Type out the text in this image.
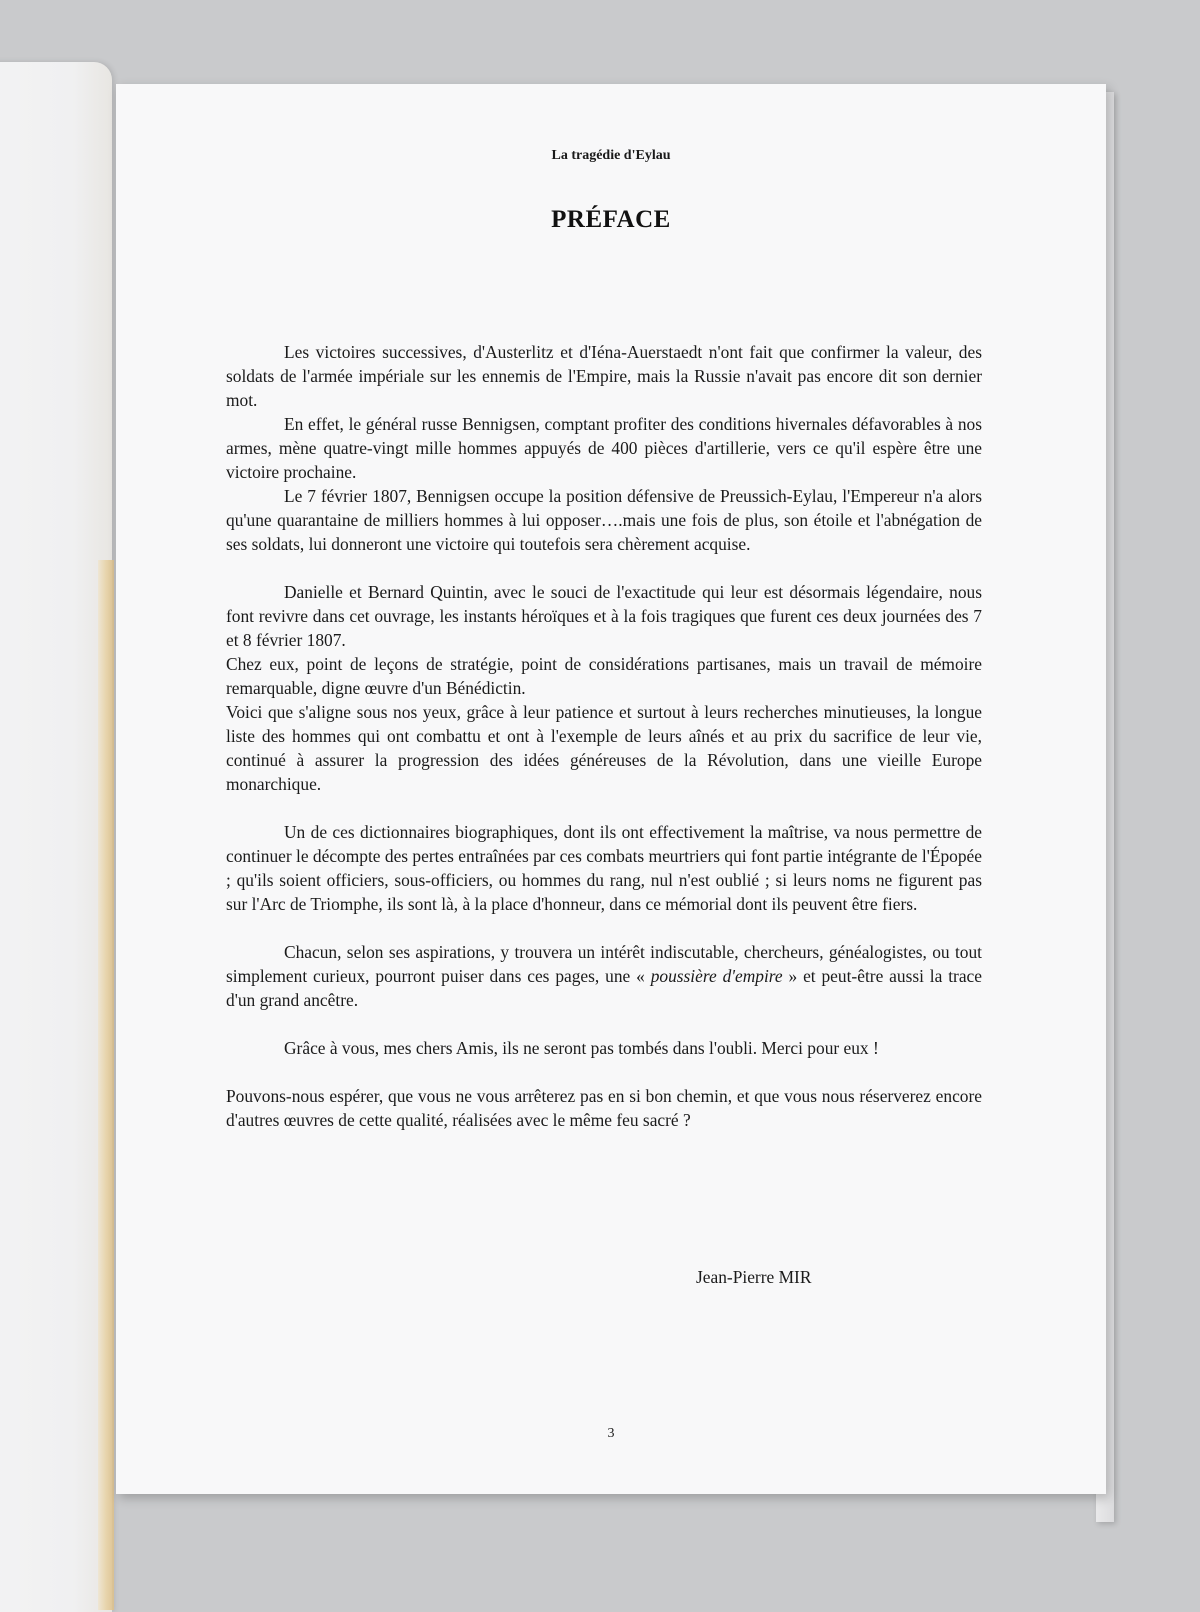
La tragédie d'Eylau
PRÉFACE

Les victoires successives, d'Austerlitz et d'Iéna-Auerstaedt n'ont fait que confirmer la valeur, des soldats de l'armée impériale sur les ennemis de l'Empire, mais la Russie n'avait pas encore dit son dernier mot.

En effet, le général russe Bennigsen, comptant profiter des conditions hivernales défavorables à nos armes, mène quatre-vingt mille hommes appuyés de 400 pièces d'artillerie, vers ce qu'il espère être une victoire prochaine.

Le 7 février 1807, Bennigsen occupe la position défensive de Preussich-Eylau, l'Empereur n'a alors qu'une quarantaine de milliers hommes à lui opposer….mais une fois de plus, son étoile et l'abnégation de ses soldats, lui donneront une victoire qui toutefois sera chèrement acquise.

Danielle et Bernard Quintin, avec le souci de l'exactitude qui leur est désormais légendaire, nous font revivre dans cet ouvrage, les instants héroïques et à la fois tragiques que furent ces deux journées des 7 et 8 février 1807.

Chez eux, point de leçons de stratégie, point de considérations partisanes, mais un travail de mémoire remarquable, digne œuvre d'un Bénédictin.

Voici que s'aligne sous nos yeux, grâce à leur patience et surtout à leurs recherches minutieuses, la longue liste des hommes qui ont combattu et ont à l'exemple de leurs aînés et au prix du sacrifice de leur vie, continué à assurer la progression des idées généreuses de la Révolution, dans une vieille Europe monarchique.

Un de ces dictionnaires biographiques, dont ils ont effectivement la maîtrise, va nous permettre de continuer le décompte des pertes entraînées par ces combats meurtriers qui font partie intégrante de l'Épopée ; qu'ils soient officiers, sous-officiers, ou hommes du rang, nul n'est oublié ; si leurs noms ne figurent pas sur l'Arc de Triomphe, ils sont là, à la place d'honneur, dans ce mémorial dont ils peuvent être fiers.

Chacun, selon ses aspirations, y trouvera un intérêt indiscutable, chercheurs, généalogistes, ou tout simplement curieux, pourront puiser dans ces pages, une « poussière d'empire » et peut-être aussi la trace d'un grand ancêtre.

Grâce à vous, mes chers Amis, ils ne seront pas tombés dans l'oubli. Merci pour eux !

Pouvons-nous espérer, que vous ne vous arrêterez pas en si bon chemin, et que vous nous réserverez encore d'autres œuvres de cette qualité, réalisées avec le même feu sacré ?

Jean-Pierre MIR
3
